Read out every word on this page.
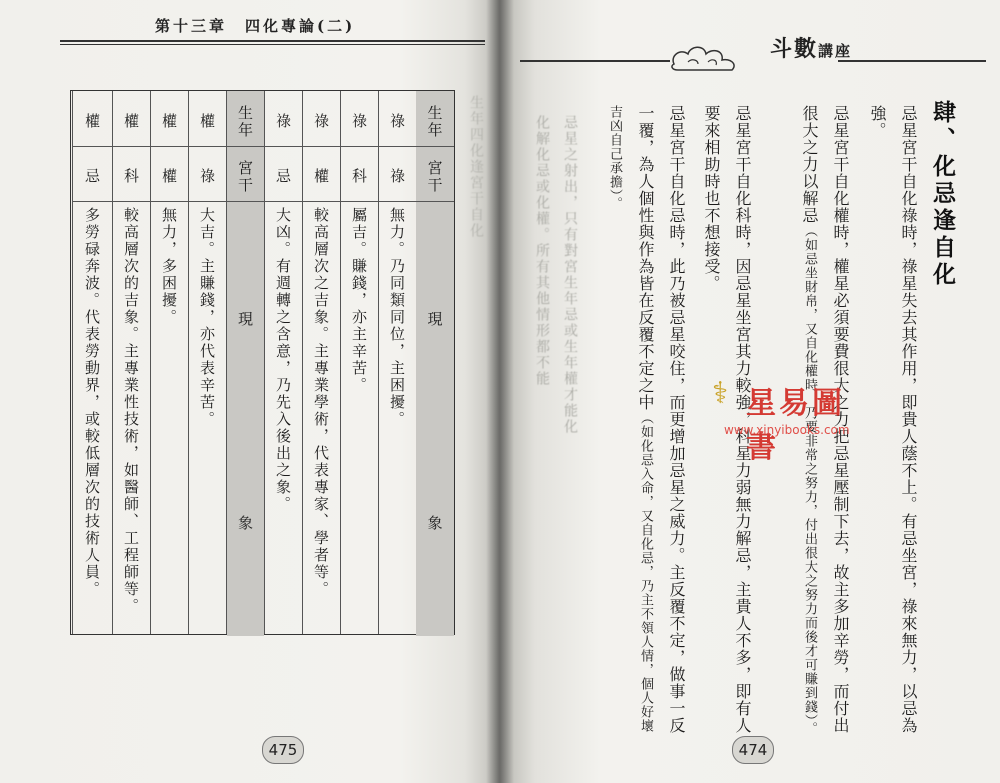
第十三章　四化專論(二)
生年四化逢宮干自化
生年
宮干
現　　　　　　　　　　　象
祿
祿
無力。乃同類同位，主困擾。
祿
科
屬吉。賺錢，亦主辛苦。
祿
權
較高層次之吉象。主專業學術，代表專家、學者等。
祿
忌
大凶。有週轉之含意，乃先入後出之象。
生年
宮干
現　　　　　　　　　　　象
權
祿
大吉。主賺錢，亦代表辛苦。
權
權
無力，多困擾。
權
科
較高層次的吉象。主專業性技術，如醫師、工程師等。
權
忌
多勞碌奔波。代表勞動界，或較低層次的技術人員。
475
斗數講座
肆、化忌逢自化
忌星宮干自化祿時，祿星失去其作用，即貴人蔭不上。有忌坐宮，祿來無力，以忌為強。
忌星宮干自化權時，權星必須要費很大之力把忌星壓制下去，故主多加辛勞，而付出很大之力以解忌（如忌坐財帛，又自化權時，乃要非常之努力，付出很大之努力而後才可賺到錢）。
忌星宮干自化科時，因忌星坐宮其力較強，科星力弱無力解忌，主貴人不多，即有人要來相助時也不想接受。
忌星宮干自化忌時，此乃被忌星咬住，而更增加忌星之威力。主反覆不定，做事一反一覆，為人個性與作為皆在反覆不定之中（如化忌入命，又自化忌，乃主不領人情，個人好壞吉凶自己承擔）。
忌星之射出，只有對宮生年忌或生年權才能化
化解化忌或化權。所有其他情形都不能
⚕ 星易圖書
www.xinyibooks.com
474
